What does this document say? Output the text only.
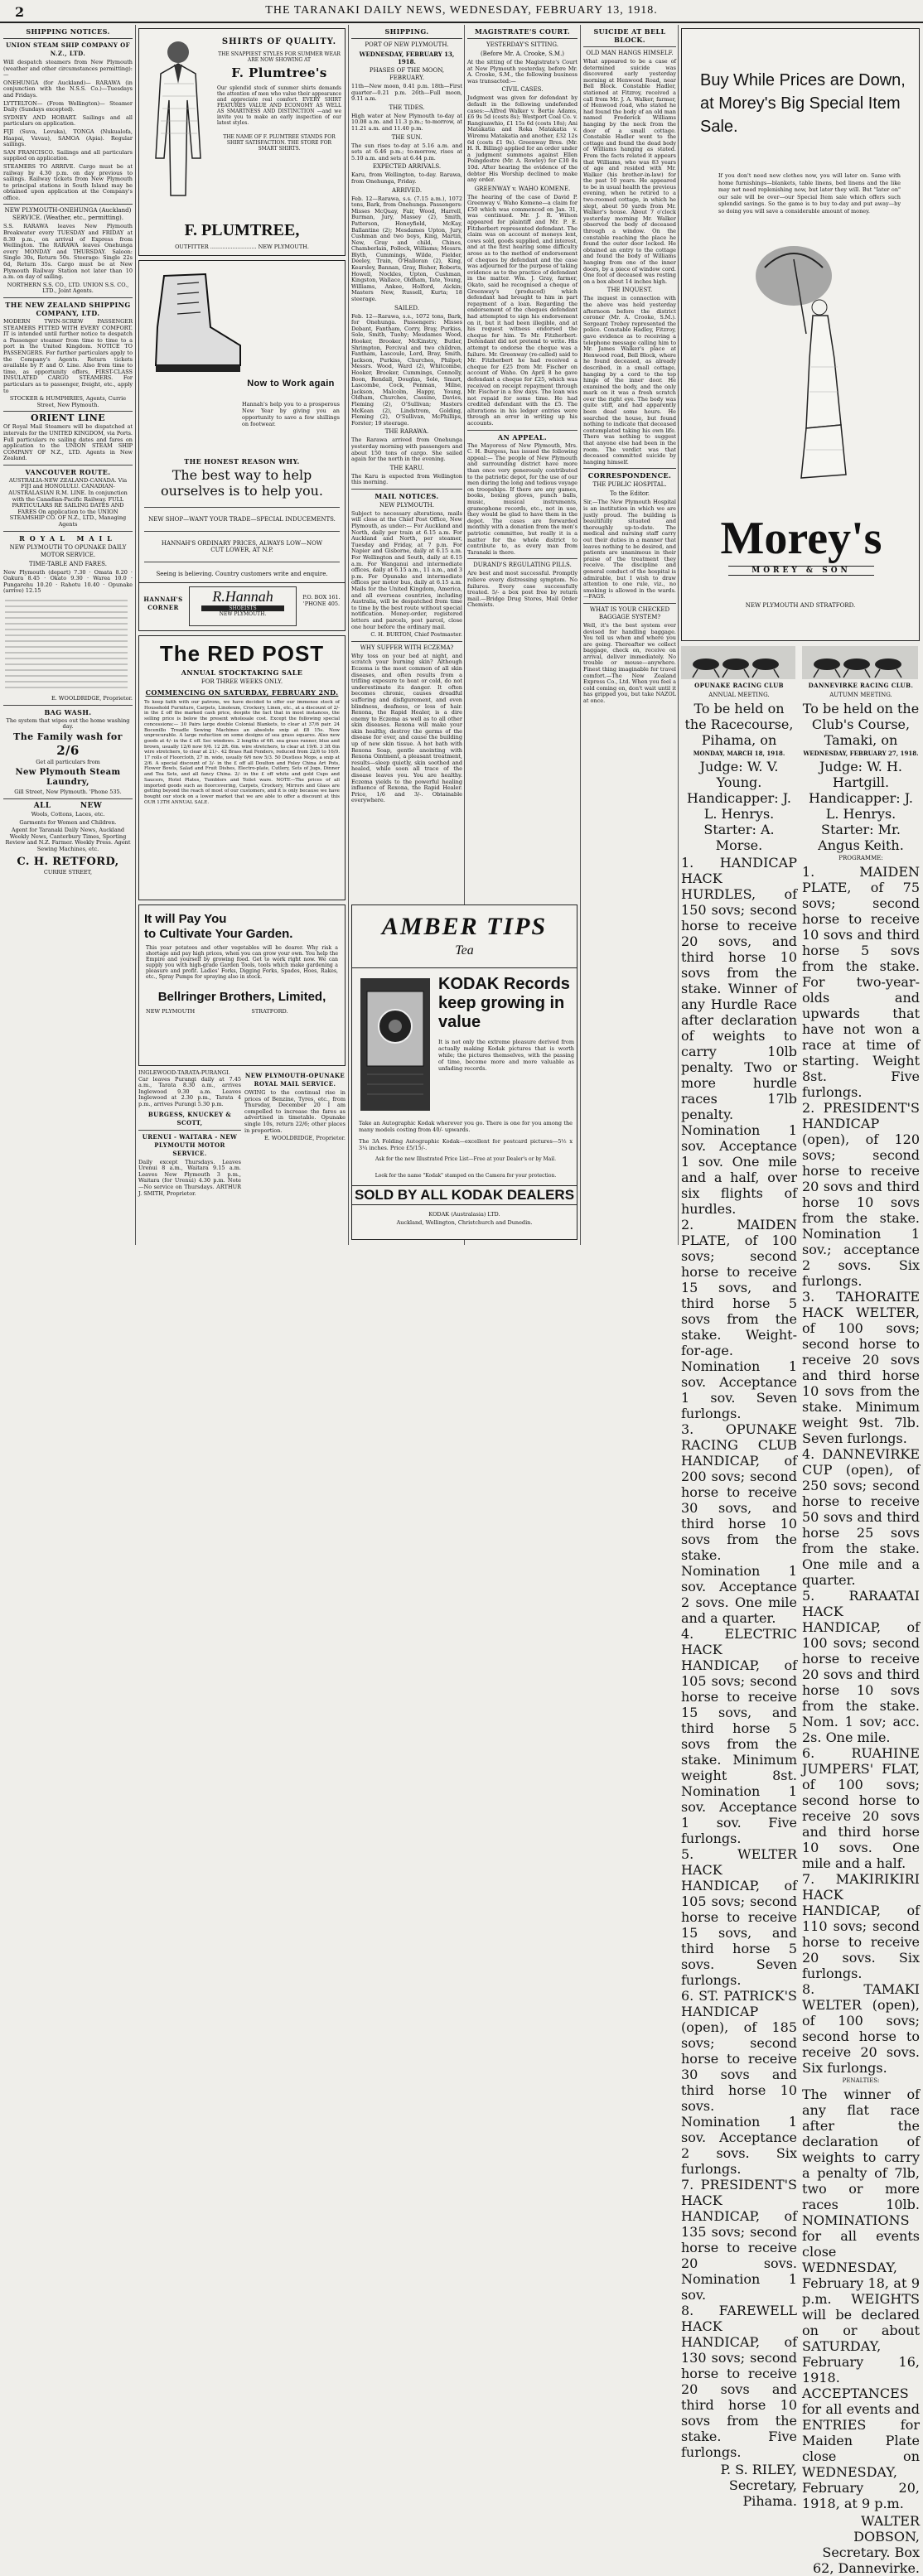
2	THE TARANAKI DAILY NEWS, WEDNESDAY, FEBRUARY 13, 1918.
SHIPPING NOTICES.
UNION STEAM SHIP COMPANY OF N.Z., LTD.
Will despatch steamers from New Plymouth (weather and other circumstances permitting):—
ONEHUNGA (for Auckland)— RARAWA (in conjunction with the N.S.S. Co.)—Tuesdays and Fridays.
LYTTELTON— (From Wellington)— Steamer Daily (Sundays excepted).
SYDNEY AND HOBART. Sailings and all particulars on application.
FIJI (Suva, Levuka), TONGA (Nukualofa, Haapai, Vavau), SAMOA (Apia). Regular sailings.
SAN FRANCISCO. Sailings and all particulars supplied on application.
STEAMERS TO ARRIVE. Cargo must be at railway by 4.30 p.m. on day previous to sailings. Railway tickets from New Plymouth to principal stations in South Island may be obtained upon application at the Company's office.
NEW PLYMOUTH-ONEHUNGA (Auckland) SERVICE. (Weather, etc., permitting).
S.S. RARAWA leaves New Plymouth Breakwater every TUESDAY and FRIDAY at 8.30 p.m., on arrival of Express from Wellington. The RARAWA leaves Onehunga every MONDAY and THURSDAY. Saloon: Single 30s, Return 50s. Steerage: Single 22s 6d, Return 35s. Cargo must be at New Plymouth Railway Station not later than 10 a.m. on day of sailing.
NORTHERN S.S. CO., LTD. UNION S.S. CO., LTD., Joint Agents.
THE NEW ZEALAND SHIPPING COMPANY, LTD.
MODERN TWIN-SCREW PASSENGER STEAMERS FITTED WITH EVERY COMFORT. IT is intended until further notice to despatch a Passenger steamer from time to time to a port in the United Kingdom. NOTICE TO PASSENGERS. For further particulars apply to the Company's Agents. Return tickets available by P. and O. Line. Also from time to time, as opportunity offers, FIRST-CLASS INSULATED CARGO STEAMERS. For particulars as to passenger, freight, etc., apply to
STOCKER & HUMPHRIES, Agents, Currie Street, New Plymouth.
ORIENT LINE
Of Royal Mail Steamers will be dispatched at intervals for the UNITED KINGDOM, via Ports. Full particulars re sailing dates and fares on application to the UNION STEAM SHIP COMPANY OF N.Z., LTD. Agents in New Zealand.
VANCOUVER ROUTE.
AUSTRALIA-NEW ZEALAND-CANADA. Via FIJI and HONOLULU. CANADIAN-AUSTRALASIAN R.M. LINE. In conjunction with the Canadian-Pacific Railway. FULL PARTICULARS RE SAILING DATES AND FARES On application to the UNION STEAMSHIP CO. OF N.Z., LTD., Managing Agents
ROYAL MAIL
NEW PLYMOUTH TO OPUNAKE DAILY MOTOR SERVICE.
TIME-TABLE AND FARES.
New Plymouth (depart) 7.30 · Omata 8.20 · Oakura 8.45 · Okato 9.30 · Warea 10.0 · Pungarehu 10.20 · Rahotu 10.40 · Opunake (arrive) 12.15
E. WOOLDRIDGE, Proprietor.
BAG WASH.
The system that wipes out the home washing day.
The Family wash for
2/6
Get all particulars from
New Plymouth Steam Laundry,
Gill Street, New Plymouth. 'Phone 535.
ALL          NEW
Wools, Cottons, Laces, etc.
Garments for Women and Children.
Agent for Taranaki Daily News, Auckland Weekly News, Canterbury Times, Sporting Review and N.Z. Farmer. Weekly Press. Agent Sewing Machines, etc.
C. H. RETFORD,
CURRIE STREET,
SHIRTS OF QUALITY.
THE SNAPPIEST STYLES FOR SUMMER WEAR ARE NOW SHOWING AT
F. Plumtree's
Our splendid stock of summer shirts demands the attention of men who value their appearance and appreciate real comfort. EVERY SHIRT FEATURES VALUE AND ECONOMY AS WELL AS SMARTNESS AND DISTINCTION —and we invite you to make an early inspection of our latest styles.
THE NAME OF F. PLUMTREE STANDS FOR SHIRT SATISFACTION. THE STORE FOR SMART SHIRTS.
F. PLUMTREE,
OUTFITTER ........................... NEW PLYMOUTH.
Now to Work again
Hannah's help you to a prosperous New Year by giving you an opportunity to save a few shillings on footwear.
THE HONEST REASON WHY.
The best way to help ourselves is to help you.
NEW SHOP—WANT YOUR TRADE—SPECIAL INDUCEMENTS.
HANNAH'S ORDINARY PRICES, ALWAYS LOW—NOW CUT LOWER, AT N.P.
Seeing is believing. Country customers write and enquire.
HANNAH'S CORNER
R.Hannah
SHOEISTS
NEW PLYMOUTH.
P.O. BOX 161. 'PHONE 405.
The RED POST
ANNUAL STOCKTAKING SALE
FOR THREE WEEKS ONLY.
COMMENCING ON SATURDAY, FEBRUARY 2ND.
To keep faith with our patrons, we have decided to offer our immense stock of Household Furniture, Carpets, Linoleum, Crockery, Linen, etc., at a discount of 2/- in the £ off the marked cash price, despite the fact that in most instances, the selling price is below the present wholesale cost. Except the following special concessions:— 30 Pairs large double Colonial Blankets, to clear at 37/6 pair. 24 Bocenillo Treadle Sewing Machines an absolute snip at £8 15s. Now unprocurable. A large reduction on some designs of sea grass squares. Also new goods at 4/- in the £ off. Sec windows. 2 lengths of 6ft. sea grass runner, blue and brown, usually 12/6 now 9/6. 12 2ft. 6in. wire stretchers, to clear at 19/6. 3 3ft 6in wire stretchers, to clear at 21/-. 42 Brass Rail Fenders, reduced from 22/6 to 16/9. 17 rolls of Floorcloth, 27 in. wide, usually 6/6 now 5/3. 50 Dustless Mops, a snip at 2/6. A special discount of 3/- in the £ off all Doulton and Foley China Art Pots, Flower Bowls, Salad and Fruit Dishes, Electro-plate, Cutlery, Sets of Jugs, Dinner and Tea Sets, and all fancy China. 2/- in the £ off white and gold Cups and Saucers, Hotel Plates, Tumblers and Toilet ware. NOTE—The prices of all imported goods such as floorcovering, Carpets, Crockery, Mirrors and Glass are getting beyond the reach of most of our customers, and it is only because we have bought our stock on a lower market that we are able to offer a discount at this OUR 13TH ANNUAL SALE.
It will Pay You
to Cultivate Your Garden.
This year potatoes and other vegetables will be dearer. Why risk a shortage and pay high prices, when you can grow your own. You help the Empire and yourself by growing food. Get to work right now. We can supply you with high-grade Garden Tools, tools which make gardening a pleasure and profit. Ladies' Forks, Digging Forks, Spades, Hoes, Rakes, etc., Spray Pumps for spraying also in stock.
Bellringer Brothers, Limited,
NEW PLYMOUTH                                 STRATFORD.
INGLEWOOD-TARATA-PURANGI. Car leaves Purangi daily at 7.45 a.m., Tarata 8.30 a.m., arrives Inglewood 9.30 a.m. Leaves Inglewood at 2.30 p.m., Tarata 4 p.m., arrives Purangi 5.30 p.m.
BURGESS, KNUCKEY & SCOTT,
URENUI - WAITARA - NEW PLYMOUTH MOTOR SERVICE.
Daily except Thursdays. Leaves Urenui 8 a.m., Waitara 9.15 a.m. Leaves New Plymouth 3 p.m., Waitara (for Urenui) 4.30 p.m. Note—No service on Thursdays. ARTHUR J. SMITH, Proprietor.
NEW PLYMOUTH-OPUNAKE ROYAL MAIL SERVICE.
OWING to the continual rise in prices of Benzine, Tyres, etc., from Thursday, December 20 I am compelled to increase the fares as advertised in timetable. Opunake single 10s, return 22/6; other places in proportion.
E. WOOLDRIDGE, Proprietor.
SHIPPING.
PORT OF NEW PLYMOUTH.
WEDNESDAY, FEBRUARY 13, 1918.
PHASES OF THE MOON, FEBRUARY.
11th—New moon, 0.41 p.m. 18th—First quarter—0.21 p.m. 26th—Full moon, 9.11 a.m.
THE TIDES.
High water at New Plymouth to-day at 10.08 a.m. and 11.3 p.m.; to-morrow, at 11.21 a.m. and 11.40 p.m.
THE SUN.
The sun rises to-day at 5.16 a.m. and sets at 6.46 p.m.; to-morrow, rises at 5.10 a.m. and sets at 6.44 p.m.
EXPECTED ARRIVALS.
Karu, from Wellington, to-day. Rarawa, from Onehunga, Friday.
ARRIVED.
Feb. 12—Rarawa, s.s. (7.15 a.m.), 1072 tons, Bark, from Onehunga. Passengers: Misses McQuay, Fair, Wood, Harrell, Burman, Jury, Massey (2), Smith, Patterson, Honeyfield, McKay, Ballantine (2); Mesdames Upton, Jury, Cushman and two boys, King, Martin, New, Gray and child, Chines, Chamberlain, Pollock, Williams; Messrs. Blyth, Cummings, Wilde, Fielder, Deeley, Train, O'Halloran (2), King, Kearsley, Bannan, Gray, Bisher, Roberts, Howell, Nockles, Upton, Cushman, Kingston, Wallace, Oldham, Tate, Young, Williams, Ankee, Holford, Aickin; Masters New, Russell, Kurta; 18 steerage.
SAILED.
Feb. 12—Rarawa, s.s., 1072 tons, Bark, for Onehunga. Passengers: Misses Debant, Fantham, Corry, Bray, Purkiss, Sole, Smith, Tuohy; Mesdames Wood, Hooker, Brooker, McKinstry, Butler, Shrimpton, Percival and two children, Fantham, Lascoule, Lord, Bray, Smith, Jackson, Purkiss, Churches, Philpot; Messrs. Wood, Ward (2), Whitcombe, Hooker, Brooker, Cummings, Connolly, Boon, Rendall, Douglas, Sole, Smart, Lascombe, Cock, Penman, Milne, Jackson, Malcolm, Happy, Young, Oldham, Churches, Cassino, Davies, Fleming (2), O'Sullivan; Masters McKean (2), Lindstrom, Golding, Fleming (2), O'Sullivan, McPhillips, Forster; 19 steerage.
THE RARAWA.
The Rarawa arrived from Onehunga yesterday morning with passengers and about 150 tons of cargo. She sailed again for the north in the evening.
THE KARU.
The Karu is expected from Wellington this morning.
MAIL NOTICES.
NEW PLYMOUTH.
Subject to necessary alterations, mails will close at the Chief Post Office, New Plymouth, as under:— For Auckland and North, daily per train at 6.15 a.m. For Auckland and North, per steamer, Tuesday and Friday, at 7 p.m. For Napier and Gisborne, daily at 6.15 a.m. For Wellington and South, daily at 6.15 a.m. For Wanganui and intermediate offices, daily at 6.15 a.m., 11 a.m., and 3 p.m. For Opunake and intermediate offices per motor bus, daily at 6.15 a.m. Mails for the United Kingdom, America, and all overseas countries, including Australia, will be despatched from time to time by the best route without special notification. Money-order, registered letters and parcels, post parcel, close one hour before the ordinary mail.
C. H. BURTON, Chief Postmaster.
WHY SUFFER WITH ECZEMA?
Why toss on your bed at night, and scratch your burning skin? Although Eczema is the most common of all skin diseases, and often results from a trifling exposure to heat or cold, do not underestimate its danger. It often becomes chronic, causes dreadful suffering and disfigurement, and even blindness, deafness, or loss of hair. Rexona, the Rapid Healer, is a dire enemy to Eczema as well as to all other skin diseases. Rexona will make your skin healthy, destroy the germs of the disease for ever, and cause the building up of new skin tissue. A hot bath with Rexona Soap, gentle anointing with Rexona Ointment, a pleasant treatment, results—sleep quietly, skin soothed and healed, while soon all trace of the disease leaves you. You are healthy. Eczema yields to the powerful healing influence of Rexona, the Rapid Healer. Price, 1/6 and 3/-. Obtainable everywhere.
MAGISTRATE'S COURT.
YESTERDAY'S SITTING.
(Before Mr. A. Crooke, S.M.)
At the sitting of the Magistrate's Court at New Plymouth yesterday, before Mr. A. Crooke, S.M., the following business was transacted:—
CIVIL CASES.
Judgment was given for defendant by default in the following undefended cases:—Alfred Walker v. Bertie Adams, £6 9s 5d (costs 8s); Westport Coal Co. v. Rangiuawhio, £1 15s 6d (costs 18s); Ani Matakatia and Roka Matakatia v. Wiremu Matakatia and another, £32 12s 6d (costs £1 9s). Greenway Bros. (Mr. H. R. Billing) applied for an order under a judgment summons against Ellen Poingdestre (Mr. A. Rowley) for £30 8s 10d. After hearing the evidence of the debtor His Worship declined to make any order.
GREENWAY v. WAHO KOMENE.
The hearing of the case of David P. Greenway v. Waho Komene—a claim for £50 which was commenced on Jan. 31, was continued. Mr. J. R. Wilson appeared for plaintiff and Mr. P. E. Fitzherbert represented defendant. The claim was on account of moneys lent, cows sold, goods supplied, and interest, and at the first hearing some difficulty arose as to the method of endorsement of cheques by defendant and the case was adjourned for the purpose of taking evidence as to the practice of defendant in the matter. Wm. J. Gray, farmer, Okato, said he recognised a cheque of Greenway's (produced) which defendant had brought to him in part repayment of a loan. Regarding the endorsement of the cheques defendant had attempted to sign his endorsement on it, but it had been illegible, and at his request witness endorsed the cheque for him. To Mr. Fitzherbert: Defendant did not pretend to write. His attempt to endorse the cheque was a failure. Mr. Greenway (re-called) said to Mr. Fitzherbert he had received a cheque for £25 from Mr. Fischer on account of Waho. On April 8 he gave defendant a cheque for £25, which was received on receipt repayment through Mr. Fischer in a few days. The loan was not repaid for some time. He had credited defendant with the £5. The alterations in his ledger entries were through an error in writing up his accounts.
AN APPEAL.
The Mayoress of New Plymouth, Mrs. C. H. Burgess, has issued the following appeal:— The people of New Plymouth and surrounding district have more than once very generously contributed to the patriotic depot, for the use of our men during the long and tedious voyage on troopships. If there are any games, books, boxing gloves, punch balls, music, musical instruments, gramophone records, etc., not in use, they would be glad to have them in the depot. The cases are forwarded monthly with a donation from the men's patriotic committee, but really it is a matter for the whole district to contribute to, as every man from Taranaki is there.
DURAND'S REGULATING PILLS.
Are best and most successful. Promptly relieve every distressing symptom. No failures. Every case successfully treated. 5/- a box post free by return mail.—Bridge Drug Stores, Mail Order Chemists.
SUICIDE AT BELL BLOCK.
OLD MAN HANGS HIMSELF.
What appeared to be a case of determined suicide was discovered early yesterday morning at Henwood Road, near Bell Block. Constable Hadler, stationed at Fitzroy, received a call from Mr. J. A. Walker, farmer, of Henwood road, who stated he had found the body of an old man named Frederick Williams hanging by the neck from the door of a small cottage. Constable Hadler went to the cottage and found the dead body of Williams hanging as stated. From the facts related it appears that Williams, who was 83 years of age and resided with Mr. Walker (his brother-in-law) for the past 10 years. He appeared to be in usual health the previous evening, when he retired to a two-roomed cottage, in which he slept, about 50 yards from Mr. Walker's house. About 7 o'clock yesterday morning Mr. Walker observed the body of deceased through a window. On the constable reaching the place he found the outer door locked. He obtained an entry to the cottage and found the body of Williams hanging from one of the inner doors, by a piece of window cord. One foot of deceased was resting on a box about 14 inches high.
THE INQUEST.
The inquest in connection with the above was held yesterday afternoon before the district coroner (Mr. A. Crooke, S.M.). Sergeant Trebey represented the police. Constable Hadley, Fitzroy, gave evidence as to receiving a telephone message calling him to Mr. James Walker's place at Henwood road, Bell Block, where he found deceased, as already described, in a small cottage, hanging by a cord to the top hinge of the inner door. He examined the body, and the only mark on it was a fresh scratch over the right eye. The body was quite stiff, and had apparently been dead some hours. He searched the house, but found nothing to indicate that deceased contemplated taking his own life. There was nothing to suggest that anyone else had been in the room. The verdict was that deceased committed suicide by hanging himself.
CORRESPONDENCE.
THE PUBLIC HOSPITAL.
To the Editor.
Sir,—The New Plymouth Hospital is an institution in which we are justly proud. The building is beautifully situated and thoroughly up-to-date. The medical and nursing staff carry out their duties in a manner that leaves nothing to be desired, and patients are unanimous in their praise of the treatment they receive. The discipline and general conduct of the hospital is admirable, but I wish to draw attention to one rule, viz., no smoking is allowed in the wards.—FAGS.
WHAT IS YOUR CHECKED BAGGAGE SYSTEM?
Well, it's the best system ever devised for handling baggage. You tell us when and where you are going. Thereafter we collect baggage, check on, receive on arrival, deliver immediately. No trouble or mouse—anywhere. Finest thing imaginable for travel comfort.—The New Zealand Express Co., Ltd. When you feel a cold coming on, don't wait until it has gripped you, but take NAZOL at once.
AMBER TIPS
Tea
KODAK Records keep growing in value
It is not only the extreme pleasure derived from actually making Kodak pictures that is worth while; the pictures themselves, with the passing of time, become more and more valuable as unfading records.
Take an Autographic Kodak wherever you go. There is one for you among the many models costing from 40/- upwards.
The 3A Folding Autographic Kodak—excellent for postcard pictures—5½ x 3¼ inches. Price £5/15/-.
Ask for the new Illustrated Price List—Free at your Dealer's or by Mail.
Look for the name "Kodak" stamped on the Camera for your protection.
SOLD BY ALL KODAK DEALERS
KODAK (Australasia) LTD.
Auckland, Wellington, Christchurch and Dunedin.
Buy While Prices are Down, at Morey's Big Special Item Sale.
If you don't need new clothes now, you will later on. Same with home furnishings—blankets, table linens, bed linens and the like may not need replenishing now, but later they will. But "later on" our sale will be over—our Special Item sale which offers such splendid savings. So the game is to buy to-day and put away—by so doing you will save a considerable amount of money.
Morey's
MOREY & SON
NEW PLYMOUTH AND STRATFORD.
OPUNAKE RACING CLUB
ANNUAL MEETING.
To be held on the Racecourse, Pihama, on
MONDAY, MARCH 18, 1918.
Judge: W. V. Young. Handicapper: J. L. Henrys. Starter: A. Morse.
1. HANDICAP HACK HURDLES, of 150 sovs; second horse to receive 20 sovs, and third horse 10 sovs from the stake. Winner of any Hurdle Race after declaration of weights to carry 10lb penalty. Two or more hurdle races 17lb penalty. Nomination 1 sov. Acceptance 1 sov. One mile and a half, over six flights of hurdles.
2. MAIDEN PLATE, of 100 sovs; second horse to receive 15 sovs, and third horse 5 sovs from the stake. Weight-for-age. Nomination 1 sov. Acceptance 1 sov. Seven furlongs.
3. OPUNAKE RACING CLUB HANDICAP, of 200 sovs; second horse to receive 30 sovs, and third horse 10 sovs from the stake. Nomination 1 sov. Acceptance 2 sovs. One mile and a quarter.
4. ELECTRIC HACK HANDICAP, of 105 sovs; second horse to receive 15 sovs, and third horse 5 sovs from the stake. Minimum weight 8st. Nomination 1 sov. Acceptance 1 sov. Five furlongs.
5. WELTER HACK HANDICAP, of 105 sovs; second horse to receive 15 sovs, and third horse 5 sovs. Seven furlongs.
6. ST. PATRICK'S HANDICAP (open), of 185 sovs; second horse to receive 30 sovs and third horse 10 sovs. Nomination 1 sov. Acceptance 2 sovs. Six furlongs.
7. PRESIDENT'S HACK HANDICAP, of 135 sovs; second horse to receive 20 sovs. Nomination 1 sov.
8. FAREWELL HACK HANDICAP, of 130 sovs; second horse to receive 20 sovs and third horse 10 sovs from the stake. Five furlongs.
P. S. RILEY, Secretary, Pihama.
DANNEVIRKE RACING CLUB.
AUTUMN MEETING.
To be held on the Club's Course, Tamaki, on
WEDNESDAY, FEBRUARY 27, 1918.
Judge: W. H. Hartgill. Handicapper: J. L. Henrys. Starter: Mr. Angus Keith.
PROGRAMME:
1. MAIDEN PLATE, of 75 sovs; second horse to receive 10 sovs and third horse 5 sovs from the stake. For two-year-olds and upwards that have not won a race at time of starting. Weight 8st. Five furlongs.
2. PRESIDENT'S HANDICAP (open), of 120 sovs; second horse to receive 20 sovs and third horse 10 sovs from the stake. Nomination 1 sov.; acceptance 2 sovs. Six furlongs.
3. TAHORAITE HACK WELTER, of 100 sovs; second horse to receive 20 sovs and third horse 10 sovs from the stake. Minimum weight 9st. 7lb. Seven furlongs.
4. DANNEVIRKE CUP (open), of 250 sovs; second horse to receive 50 sovs and third horse 25 sovs from the stake. One mile and a quarter.
5. RARAATAI HACK HANDICAP, of 100 sovs; second horse to receive 20 sovs and third horse 10 sovs from the stake. Nom. 1 sov; acc. 2s. One mile.
6. RUAHINE JUMPERS' FLAT, of 100 sovs; second horse to receive 20 sovs and third horse 10 sovs. One mile and a half.
7. MAKIRIKIRI HACK HANDICAP, of 110 sovs; second horse to receive 20 sovs. Six furlongs.
8. TAMAKI WELTER (open), of 100 sovs; second horse to receive 20 sovs. Six furlongs.
PENALTIES:
The winner of any flat race after the declaration of weights to carry a penalty of 7lb, two or more races 10lb. NOMINATIONS for all events close WEDNESDAY, February 18, at 9 p.m. WEIGHTS will be declared on or about SATURDAY, February 16, 1918. ACCEPTANCES for all events and ENTRIES for Maiden Plate close on WEDNESDAY, February 20, 1918, at 9 p.m.
WALTER DOBSON, Secretary. Box 62, Dannevirke.
